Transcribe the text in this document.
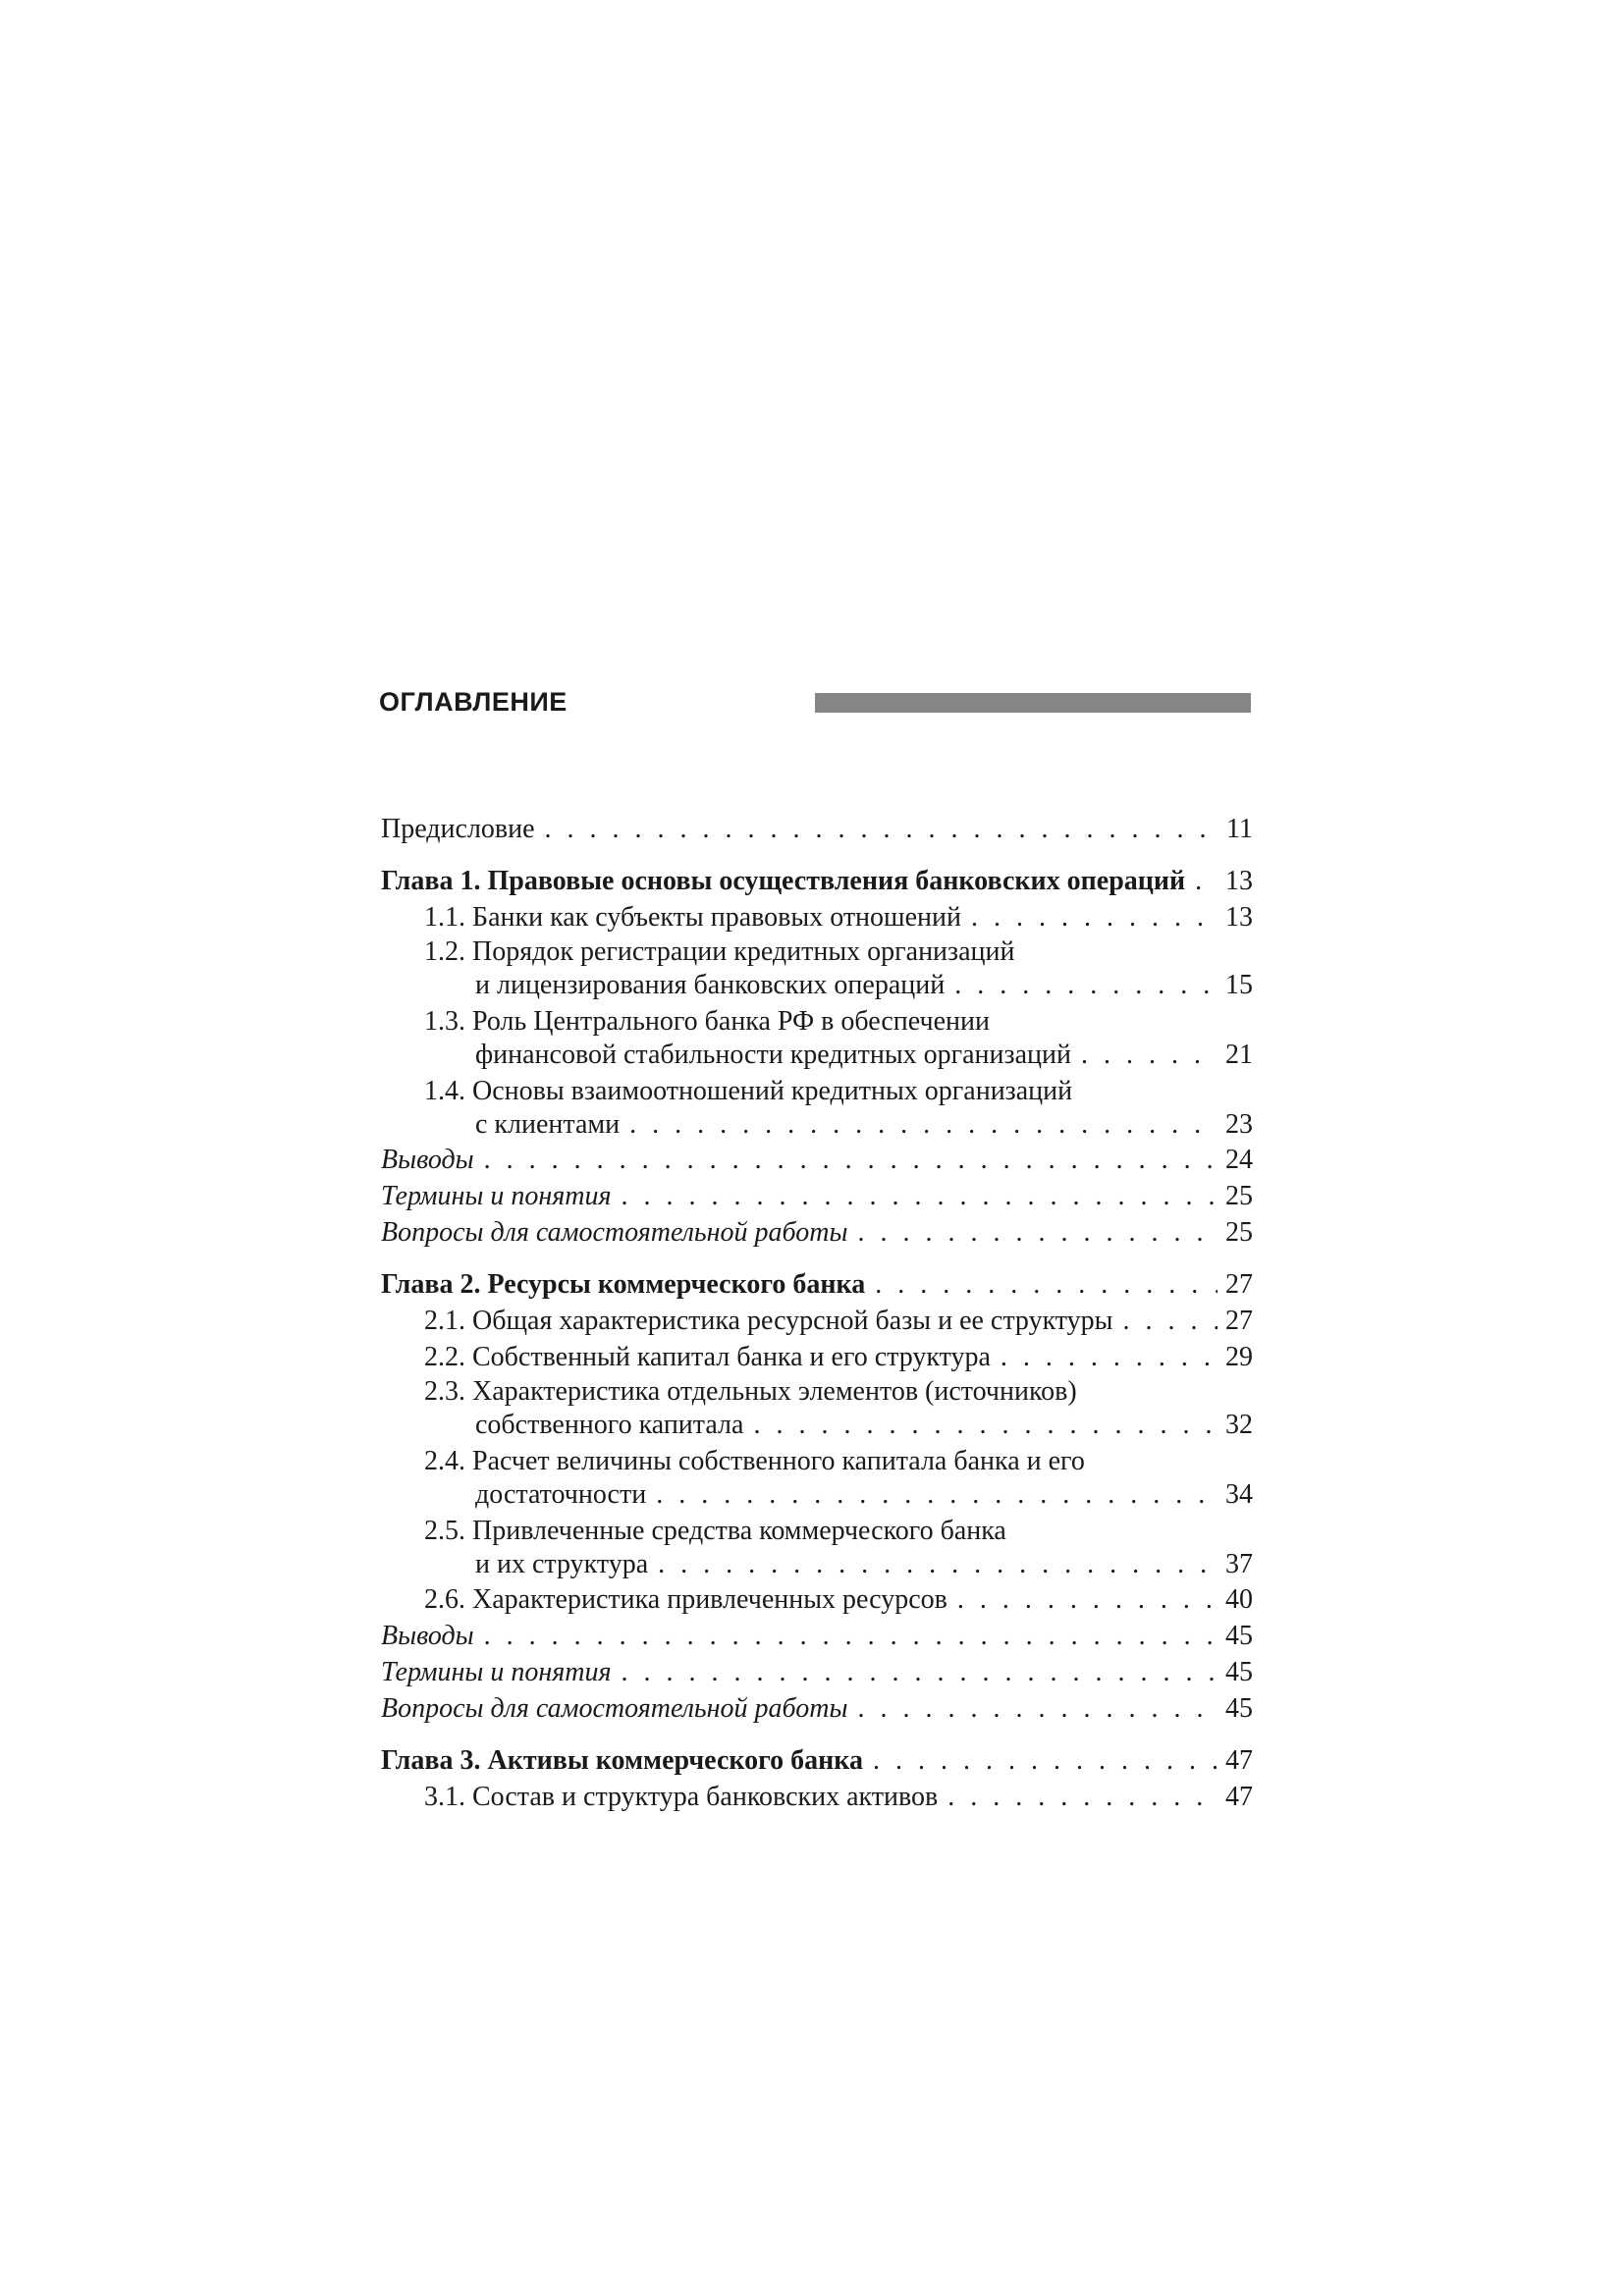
ОГЛАВЛЕНИЕ
Предисловие . . .	11
Глава 1. Правовые основы осуществления банковских операций . . . 13
1.1. Банки как субъекты правовых отношений . . .	13
1.2. Порядок регистрации кредитных организаций
и лицензирования банковских операций . . .	15
1.3. Роль Центрального банка РФ в обеспечении
финансовой стабильности кредитных организаций . . .	21
1.4. Основы взаимоотношений кредитных организаций
с клиентами . . .	23
Выводы . . .	24
Термины и понятия . . .	25
Вопросы для самостоятельной работы . . .	25
Глава 2. Ресурсы коммерческого банка . . .	27
2.1. Общая характеристика ресурсной базы и ее структуры . . .	27
2.2. Собственный капитал банка и его структура . . .	29
2.3. Характеристика отдельных элементов (источников)
собственного капитала . . .	32
2.4. Расчет величины собственного капитала банка и его
достаточности . . .	34
2.5. Привлеченные средства коммерческого банка
и их структура . . .	37
2.6. Характеристика привлеченных ресурсов . . .	40
Выводы . . .	45
Термины и понятия . . .	45
Вопросы для самостоятельной работы . . .	45
Глава 3. Активы коммерческого банка . . .	47
3.1. Состав и структура банковских активов . . .	47
